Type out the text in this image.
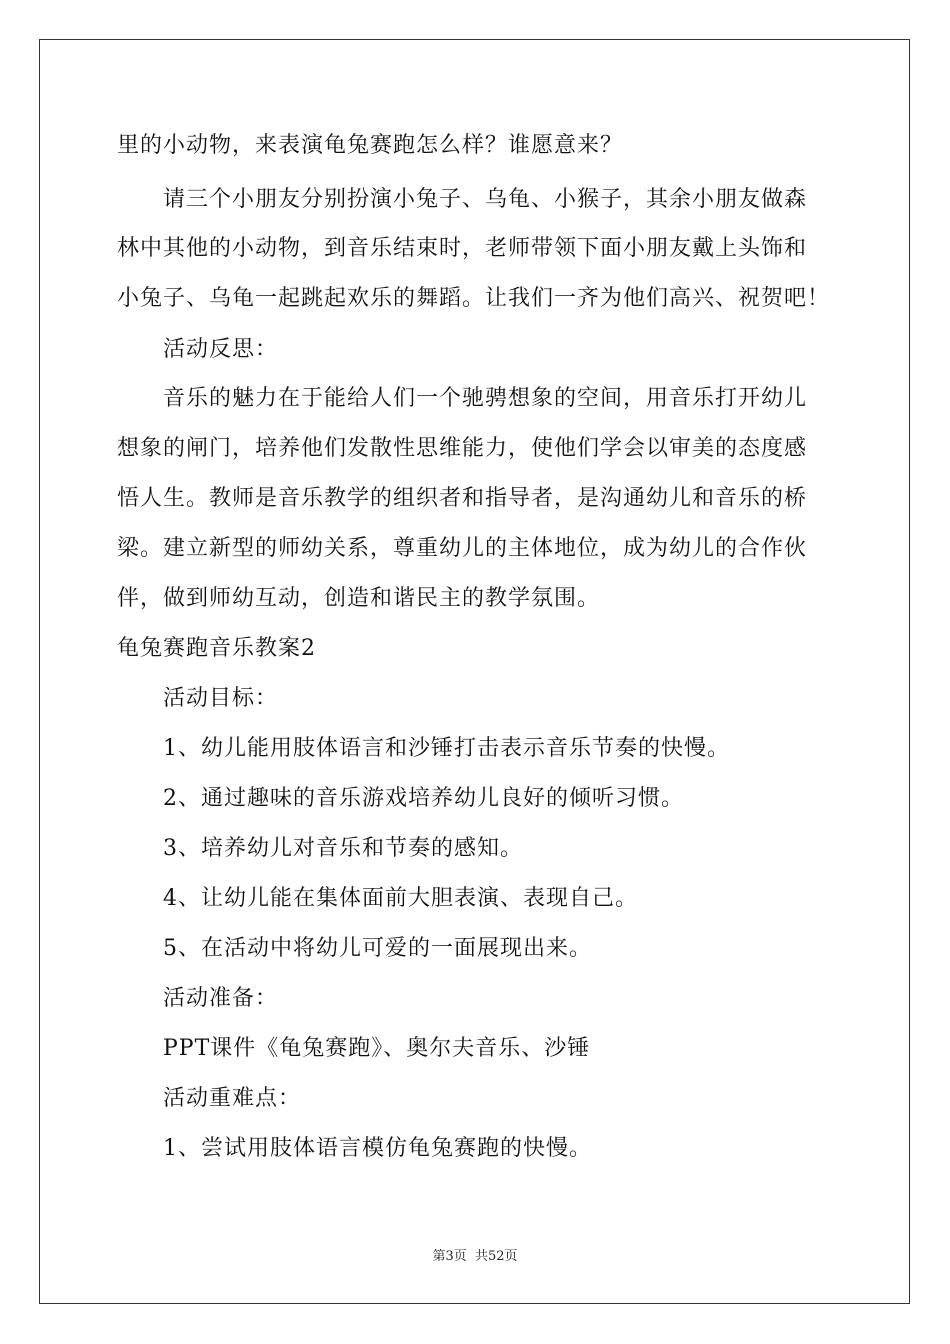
里的小动物，来表演龟兔赛跑怎么样？谁愿意来？
请三个小朋友分别扮演小兔子、乌龟、小猴子，其余小朋友做森
林中其他的小动物，到音乐结束时，老师带领下面小朋友戴上头饰和
小兔子、乌龟一起跳起欢乐的舞蹈。让我们一齐为他们高兴、祝贺吧！
活动反思：
音乐的魅力在于能给人们一个驰骋想象的空间，用音乐打开幼儿
想象的闸门，培养他们发散性思维能力，使他们学会以审美的态度感
悟人生。教师是音乐教学的组织者和指导者，是沟通幼儿和音乐的桥
梁。建立新型的师幼关系，尊重幼儿的主体地位，成为幼儿的合作伙
伴，做到师幼互动，创造和谐民主的教学氛围。
龟兔赛跑音乐教案2
活动目标：
1、幼儿能用肢体语言和沙锤打击表示音乐节奏的快慢。
2、通过趣味的音乐游戏培养幼儿良好的倾听习惯。
3、培养幼儿对音乐和节奏的感知。
4、让幼儿能在集体面前大胆表演、表现自己。
5、在活动中将幼儿可爱的一面展现出来。
活动准备：
PPT课件《龟兔赛跑》、奥尔夫音乐、沙锤
活动重难点：
1、尝试用肢体语言模仿龟兔赛跑的快慢。
第3页 共52页
